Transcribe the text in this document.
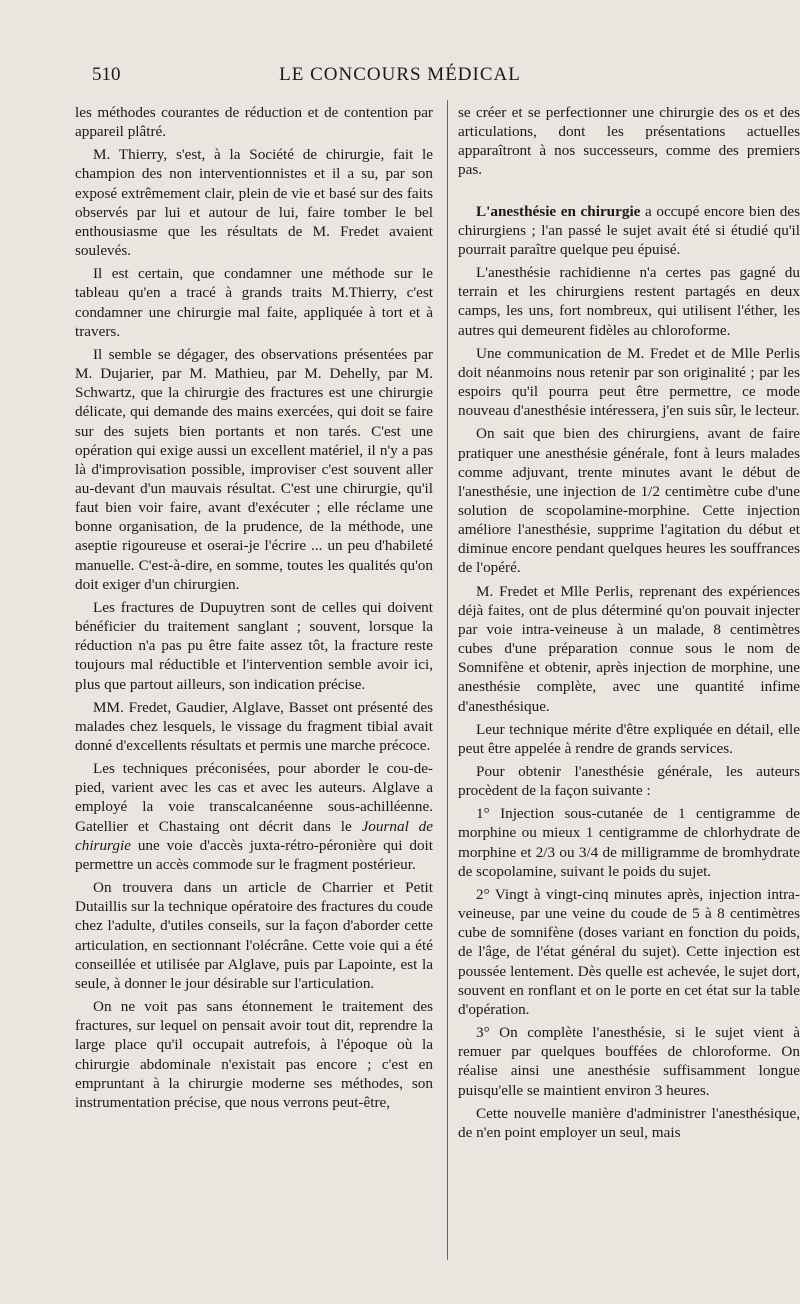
510	LE CONCOURS MÉDICAL

les méthodes courantes de réduction et de contention par appareil plâtré.

M. Thierry, s'est, à la Société de chirurgie, fait le champion des non interventionnistes et il a su, par son exposé extrêmement clair, plein de vie et basé sur des faits observés par lui et autour de lui, faire tomber le bel enthousiasme que les résultats de M. Fredet avaient soulevés.

Il est certain, que condamner une méthode sur le tableau qu'en a tracé à grands traits M.Thierry, c'est condamner une chirurgie mal faite, appliquée à tort et à travers.

Il semble se dégager, des observations présentées par M. Dujarier, par M. Mathieu, par M. Dehelly, par M. Schwartz, que la chirurgie des fractures est une chirurgie délicate, qui demande des mains exercées, qui doit se faire sur des sujets bien portants et non tarés. C'est une opération qui exige aussi un excellent matériel, il n'y a pas là d'improvisation possible, improviser c'est souvent aller au-devant d'un mauvais résultat. C'est une chirurgie, qu'il faut bien voir faire, avant d'exécuter ; elle réclame une bonne organisation, de la prudence, de la méthode, une aseptie rigoureuse et oserai-je l'écrire ... un peu d'habileté manuelle. C'est-à-dire, en somme, toutes les qualités qu'on doit exiger d'un chirurgien.

Les fractures de Dupuytren sont de celles qui doivent bénéficier du traitement sanglant ; souvent, lorsque la réduction n'a pas pu être faite assez tôt, la fracture reste toujours mal réductible et l'intervention semble avoir ici, plus que partout ailleurs, son indication précise.

MM. Fredet, Gaudier, Alglave, Basset ont présenté des malades chez lesquels, le vissage du fragment tibial avait donné d'excellents résultats et permis une marche précoce.

Les techniques préconisées, pour aborder le cou-de-pied, varient avec les cas et avec les auteurs. Alglave a employé la voie transcalcanéenne sous-achilléenne. Gatellier et Chastaing ont décrit dans le Journal de chirurgie une voie d'accès juxta-rétro-péronière qui doit permettre un accès commode sur le fragment postérieur.

On trouvera dans un article de Charrier et Petit Dutaillis sur la technique opératoire des fractures du coude chez l'adulte, d'utiles conseils, sur la façon d'aborder cette articulation, en sectionnant l'olécrâne. Cette voie qui a été conseillée et utilisée par Alglave, puis par Lapointe, est la seule, à donner le jour désirable sur l'articulation.

On ne voit pas sans étonnement le traitement des fractures, sur lequel on pensait avoir tout dit, reprendre la large place qu'il occupait autrefois, à l'époque où la chirurgie abdominale n'existait pas encore ; c'est en empruntant à la chirurgie moderne ses méthodes, son instrumentation précise, que nous verrons peut-être,

se créer et se perfectionner une chirurgie des os et des articulations, dont les présentations actuelles apparaîtront à nos successeurs, comme des premiers pas.

L'anesthésie en chirurgie a occupé encore bien des chirurgiens ; l'an passé le sujet avait été si étudié qu'il pourrait paraître quelque peu épuisé.

L'anesthésie rachidienne n'a certes pas gagné du terrain et les chirurgiens restent partagés en deux camps, les uns, fort nombreux, qui utilisent l'éther, les autres qui demeurent fidèles au chloroforme.

Une communication de M. Fredet et de Mlle Perlis doit néanmoins nous retenir par son originalité ; par les espoirs qu'il pourra peut être permettre, ce mode nouveau d'anesthésie intéressera, j'en suis sûr, le lecteur.

On sait que bien des chirurgiens, avant de faire pratiquer une anesthésie générale, font à leurs malades comme adjuvant, trente minutes avant le début de l'anesthésie, une injection de 1/2 centimètre cube d'une solution de scopolamine-morphine. Cette injection améliore l'anesthésie, supprime l'agitation du début et diminue encore pendant quelques heures les souffrances de l'opéré.

M. Fredet et Mlle Perlis, reprenant des expériences déjà faites, ont de plus déterminé qu'on pouvait injecter par voie intra-veineuse à un malade, 8 centimètres cubes d'une préparation connue sous le nom de Somnifène et obtenir, après injection de morphine, une anesthésie complète, avec une quantité infime d'anesthésique.

Leur technique mérite d'être expliquée en détail, elle peut être appelée à rendre de grands services.

Pour obtenir l'anesthésie générale, les auteurs procèdent de la façon suivante :

1° Injection sous-cutanée de 1 centigramme de morphine ou mieux 1 centigramme de chlorhydrate de morphine et 2/3 ou 3/4 de milligramme de bromhydrate de scopolamine, suivant le poids du sujet.

2° Vingt à vingt-cinq minutes après, injection intra-veineuse, par une veine du coude de 5 à 8 centimètres cube de somnifène (doses variant en fonction du poids, de l'âge, de l'état général du sujet). Cette injection est poussée lentement. Dès quelle est achevée, le sujet dort, souvent en ronflant et on le porte en cet état sur la table d'opération.

3° On complète l'anesthésie, si le sujet vient à remuer par quelques bouffées de chloroforme. On réalise ainsi une anesthésie suffisamment longue puisqu'elle se maintient environ 3 heures.

Cette nouvelle manière d'administrer l'anesthésique, de n'en point employer un seul, mais
